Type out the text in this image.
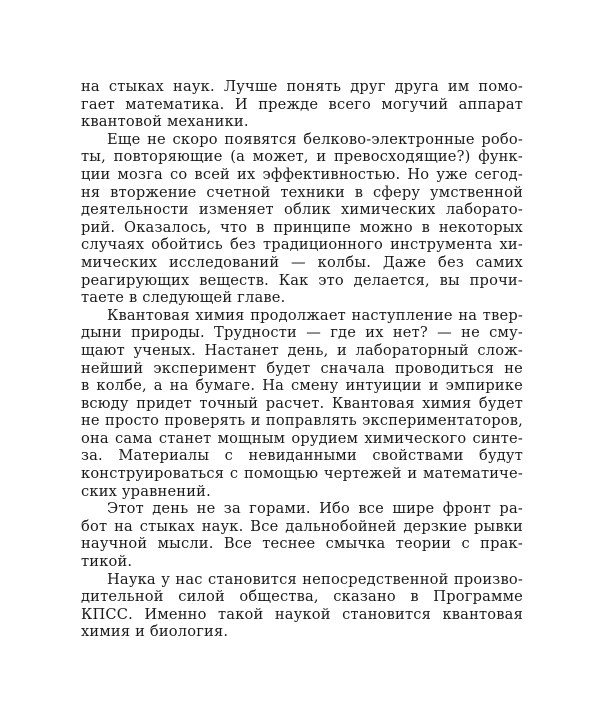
на стыках наук. Лучше понять друг друга им помо-
гает математика. И прежде всего могучий аппарат
квантовой механики.
Еще не скоро появятся белково-электронные робо-
ты, повторяющие (а может, и превосходящие?) функ-
ции мозга со всей их эффективностью. Но уже сегод-
ня вторжение счетной техники в сферу умственной
деятельности изменяет облик химических лаборато-
рий. Оказалось, что в принципе можно в некоторых
случаях обойтись без традиционного инструмента хи-
мических исследований — колбы. Даже без самих
реагирующих веществ. Как это делается, вы прочи-
таете в следующей главе.
Квантовая химия продолжает наступление на твер-
дыни природы. Трудности — где их нет? — не сму-
щают ученых. Настанет день, и лабораторный слож-
нейший эксперимент будет сначала проводиться не
в колбе, а на бумаге. На смену интуиции и эмпирике
всюду придет точный расчет. Квантовая химия будет
не просто проверять и поправлять экспериментаторов,
она сама станет мощным орудием химического синте-
за. Материалы с невиданными свойствами будут
конструироваться с помощью чертежей и математиче-
ских уравнений.
Этот день не за горами. Ибо все шире фронт ра-
бот на стыках наук. Все дальнобойней дерзкие рывки
научной мысли. Все теснее смычка теории с прак-
тикой.
Наука у нас становится непосредственной произво-
дительной силой общества, сказано в Программе
КПСС. Именно такой наукой становится квантовая
химия и биология.
